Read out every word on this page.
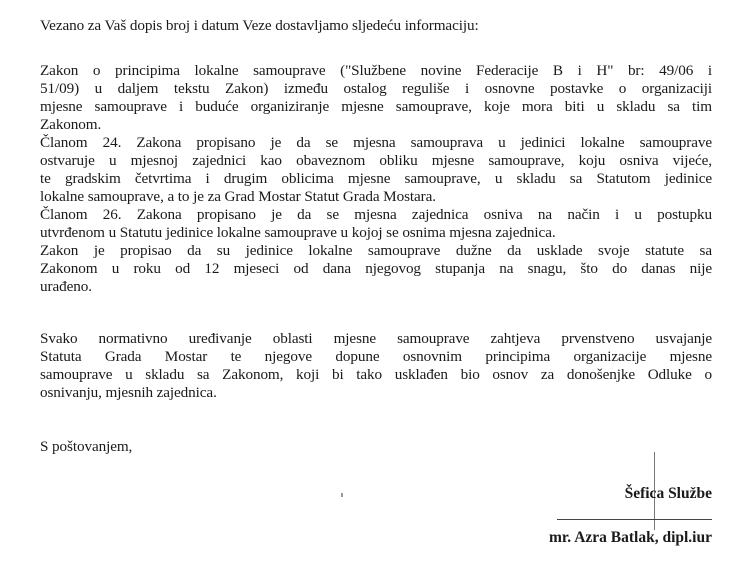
Vezano za Vaš dopis broj i datum Veze dostavljamo sljedeću informaciju:
Zakon o principima lokalne samouprave ("Službene novine Federacije B i H" br: 49/06 i
51/09) u daljem tekstu Zakon) između ostalog reguliše i osnovne postavke o organizaciji
mjesne samouprave i buduće organiziranje mjesne samouprave, koje mora biti u skladu sa tim
Zakonom.
Članom 24. Zakona propisano je da se mjesna samouprava u jedinici lokalne samouprave
ostvaruje u mjesnoj zajednici kao obaveznom obliku mjesne samouprave, koju osniva vijeće,
te gradskim četvrtima i drugim oblicima mjesne samouprave, u skladu sa Statutom jedinice
lokalne samouprave, a to je za Grad Mostar Statut Grada Mostara.
Članom 26. Zakona propisano je da se mjesna zajednica osniva na način i u postupku
utvrđenom u Statutu jedinice lokalne samouprave u kojoj se osnima mjesna zajednica.
Zakon je propisao da su jedinice lokalne samouprave dužne da usklade svoje statute sa
Zakonom u roku od 12 mjeseci od dana njegovog stupanja na snagu, što do danas nije
urađeno.
Svako normativno uređivanje oblasti mjesne samouprave zahtjeva prvenstveno usvajanje
Statuta Grada Mostar te njegove dopune osnovnim principima organizacije mjesne
samouprave u skladu sa Zakonom, koji bi tako usklađen bio osnov za donošenjke Odluke o
osnivanju, mjesnih zajednica.
S poštovanjem,
Šefica Službe
mr. Azra Batlak, dipl.iur
